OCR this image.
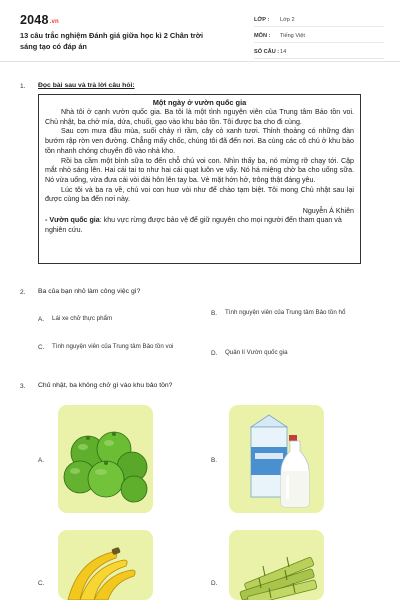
2048.vn
13 câu trắc nghiệm Đánh giá giữa học kì 2 Chân trời sáng tạo có đáp án
LỚP :	Lớp 2
MÔN :	Tiếng Việt
SỐ CÂU : 14
1. Đọc bài sau và trả lời câu hỏi:
Một ngày ở vườn quốc gia

Nhà tôi ở cạnh vườn quốc gia. Ba tôi là một tình nguyện viên của Trung tâm Bảo tồn voi. Chủ nhật, ba chở mía, dứa, chuối, gạo vào khu bảo tồn. Tôi được ba cho đi cùng.

Sau cơn mưa đầu mùa, suối chảy rì rầm, cây cỏ xanh tươi. Thỉnh thoảng có những đàn bướm rập rờn ven đường. Chẳng mấy chốc, chúng tôi đã đến nơi. Ba cùng các cô chú ở khu bảo tồn nhanh chóng chuyển đồ vào nhà kho.

Rồi ba cầm một bình sữa to đến chỗ chú voi con. Nhìn thấy ba, nó mừng rỡ chạy tới. Cặp mắt nhỏ sáng lên. Hai cái tai to như hai cái quạt luôn ve vẩy. Nó há miệng chờ ba cho uống sữa. Nó vừa uống, vừa đưa cái vòi dài hôn lên tay ba. Vẻ mặt hớn hở, trông thật đáng yêu.

Lúc tôi và ba ra về, chú voi con huơ vòi như để chào tạm biệt. Tôi mong Chủ nhật sau lại được cùng ba đến nơi này.

Nguyễn Á Khiên
- Vườn quốc gia: khu vực rừng được bảo vệ để giữ nguyên cho mọi người đến tham quan và nghiên cứu.
2. Ba của bạn nhỏ làm công việc gì?
A.	Lái xe chở thực phẩm
B.	Tình nguyện viên của Trung tâm Bảo tồn hổ
C.	Tình nguyện viên của Trung tâm Bảo tồn voi
D.	Quản lí Vườn quốc gia
3. Chủ nhật, ba không chở gì vào khu bảo tồn?
A.	B.
C.	D.
